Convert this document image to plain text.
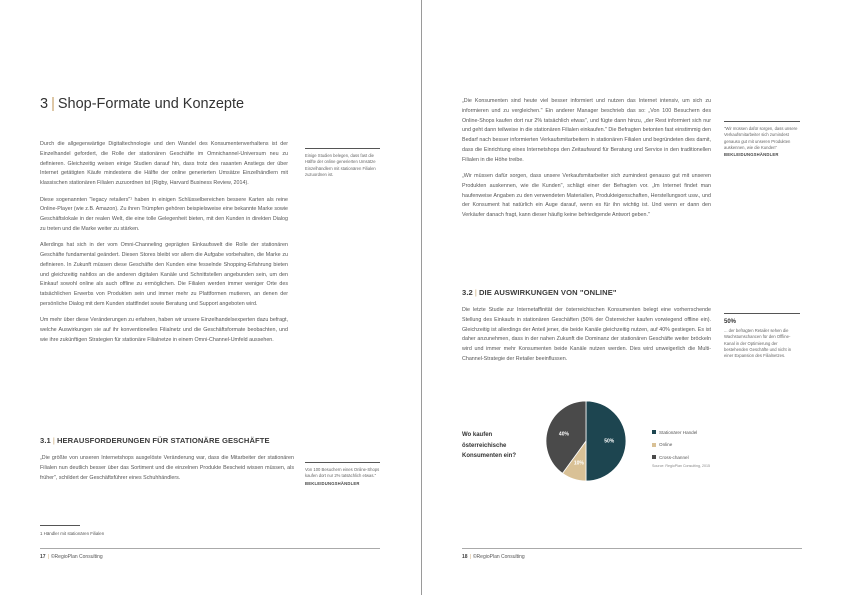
3 | Shop-Formate und Konzepte

Durch die allgegenwärtige Digitaltechnologie und den Wandel des Konsumentenverhaltens ist der Einzelhandel gefordert, die Rolle der stationären Geschäfte im Omnichannel-Universum neu zu definieren. Gleichzeitig weisen einige Studien darauf hin, dass trotz des rasanten Anstiegs der über Internet getätigten Käufe mindestens die Hälfte der online generierten Umsätze Einzelhändlern mit klassischen stationären Filialen zuzuordnen ist (Rigby, Harvard Business Review, 2014).

Diese sogenannten "legacy retailers"¹ haben in einigen Schlüsselbereichen bessere Karten als reine Online-Player (wie z.B. Amazon). Zu ihren Trümpfen gehören beispielsweise eine bekannte Marke sowie Geschäftslokale in der realen Welt, die eine tolle Gelegenheit bieten, mit den Kunden in direkten Dialog zu treten und die Marke weiter zu stärken.

Allerdings hat sich in der vom Omni-Channeling geprägten Einkaufswelt die Rolle der stationären Geschäfte fundamental geändert. Diesen Stores bleibt vor allem die Aufgabe vorbehalten, die Marke zu definieren. In Zukunft müssen diese Geschäfte den Kunden eine fesselnde Shopping-Erfahrung bieten und gleichzeitig nahtlos an die anderen digitalen Kanäle und Schnittstellen angebunden sein, um den Einkauf sowohl online als auch offline zu ermöglichen. Die Filialen werden immer weniger Orte des tatsächlichen Erwerbs von Produkten sein und immer mehr zu Plattformen mutieren, an denen der persönliche Dialog mit dem Kunden stattfindet sowie Beratung und Support angeboten wird.

Um mehr über diese Veränderungen zu erfahren, haben wir unsere Einzelhandelsexperten dazu befragt, welche Auswirkungen sie auf ihr konventionelles Filialnetz und die Geschäftsformate beobachten, und wie ihre zukünftigen Strategien für stationäre Filialnetze in einem Omni-Channel-Umfeld aussehen.

Einige Studien belegen, dass fast die Hälfte der online generierten Umsätze Einzelhändlern mit stationären Filialen zuzuordnen ist.
3.1 | HERAUSFORDERUNGEN FÜR STATIONÄRE GESCHÄFTE

„Die größte von unseren Internetshops ausgelöste Veränderung war, dass die Mitarbeiter der stationären Filialen nun deutlich besser über das Sortiment und die einzelnen Produkte Bescheid wissen müssen, als früher", schildert der Geschäftsführer eines Schuhhändlers.

Von 100 Besuchern eines Online-Shops kaufen dort nur 2% tatsächlich etwas."
BEKLEIDUNGSHÄNDLER
1 Händler mit stationären Filialen
17 | ©RegioPlan Consulting

„Die Konsumenten sind heute viel besser informiert und nutzen das Internet intensiv, um sich zu informieren und zu vergleichen." Ein anderer Manager beschrieb das so: „Von 100 Besuchern des Online-Shops kaufen dort nur 2% tatsächlich etwas", und fügte dann hinzu, „der Rest informiert sich nur und geht dann teilweise in die stationären Filialen einkaufen." Die Befragten betonten fast einstimmig den Bedarf nach besser informierten Verkaufsmitarbeitern in stationären Filialen und begründeten dies damit, dass die Einrichtung eines Internetshops den Zeitaufwand für Beratung und Service in den traditionellen Filialen in die Höhe treibe.

„Wir müssen dafür sorgen, dass unsere Verkaufsmitarbeiter sich zumindest genauso gut mit unseren Produkten auskennen, wie die Kunden", schlägt einer der Befragten vor. „Im Internet findet man haufenweise Angaben zu den verwendeten Materialien, Produkteigenschaften, Herstellungsort usw., und der Konsument hat natürlich ein Auge darauf, wenn es für ihn wichtig ist. Und wenn er dann den Verkäufer danach fragt, kann dieser häufig keine befriedigende Antwort geben."

"Wir müssen dafür sorgen, dass unsere Verkaufsmitarbeiter sich zumindest genauso gut mit unseren Produkten auskennen, wie die Kunden"
BEKLEIDUNGSHÄNDLER
3.2 | DIE AUSWIRKUNGEN VON "ONLINE"

Die letzte Studie zur Internetaffinität der österreichischen Konsumenten belegt eine vorherrschende Stellung des Einkaufs in stationären Geschäften (50% der Österreicher kaufen vorwiegend offline ein). Gleichzeitig ist allerdings der Anteil jener, die beide Kanäle gleichzeitig nutzen, auf 40% gestiegen. Es ist daher anzunehmen, dass in der nahen Zukunft die Dominanz der stationären Geschäfte weiter bröckeln wird und immer mehr Konsumenten beide Kanäle nutzen werden. Dies wird unweigerlich die Multi-Channel-Strategie der Retailer beeinflussen.

50%
... der befragten Retailer sehen die Wachstumschancen für den Offline-Kanal in der Optimierung der bestehenden Geschäfte und nicht in einer Expansion des Filialnetzes.
18 | ©RegioPlan Consulting
Wo kaufen österreichische Konsumenten ein?
50%
10%
40%	Stationärer Handel
Online
Cross-channel
Source: RegioPlan Consulting, 2015
